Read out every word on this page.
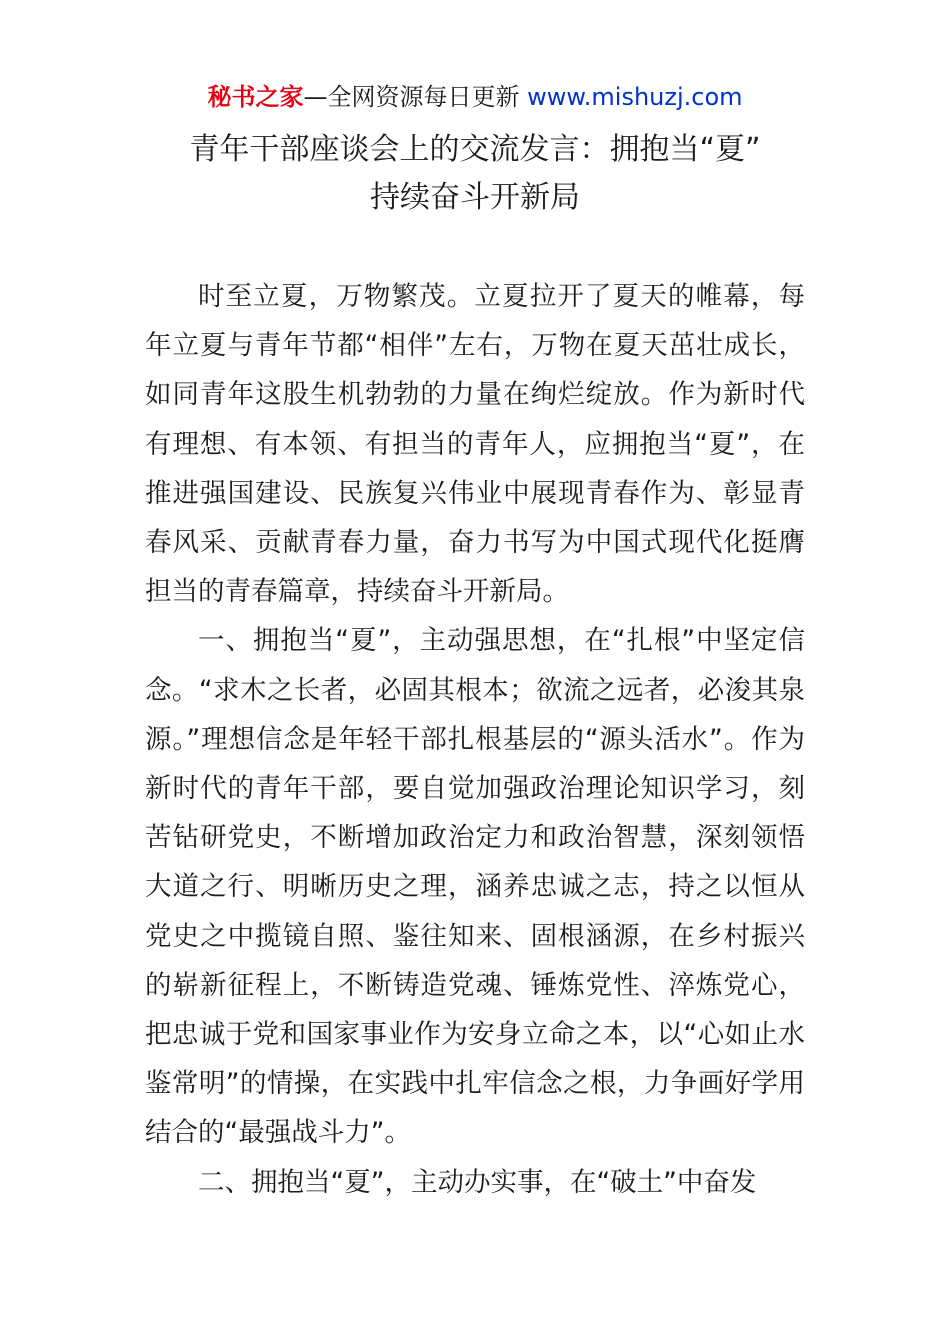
秘书之家—全网资源每日更新 www.mishuzj.com
青年干部座谈会上的交流发言：拥抱当“夏”
持续奋斗开新局

时至立夏，万物繁茂。立夏拉开了夏天的帷幕，每年立夏与青年节都“相伴”左右，万物在夏天茁壮成长，如同青年这股生机勃勃的力量在绚烂绽放。作为新时代有理想、有本领、有担当的青年人，应拥抱当“夏”，在推进强国建设、民族复兴伟业中展现青春作为、彰显青春风采、贡献青春力量，奋力书写为中国式现代化挺膺担当的青春篇章，持续奋斗开新局。

一、拥抱当“夏”，主动强思想，在“扎根”中坚定信念。“求木之长者，必固其根本；欲流之远者，必浚其泉源。”理想信念是年轻干部扎根基层的“源头活水”。作为新时代的青年干部，要自觉加强政治理论知识学习，刻苦钻研党史，不断增加政治定力和政治智慧，深刻领悟大道之行、明晰历史之理，涵养忠诚之志，持之以恒从党史之中揽镜自照、鉴往知来、固根涵源，在乡村振兴的崭新征程上，不断铸造党魂、锤炼党性、淬炼党心，把忠诚于党和国家事业作为安身立命之本，以“心如止水鉴常明”的情操，在实践中扎牢信念之根，力争画好学用结合的“最强战斗力”。

二、拥抱当“夏”，主动办实事，在“破土”中奋发
